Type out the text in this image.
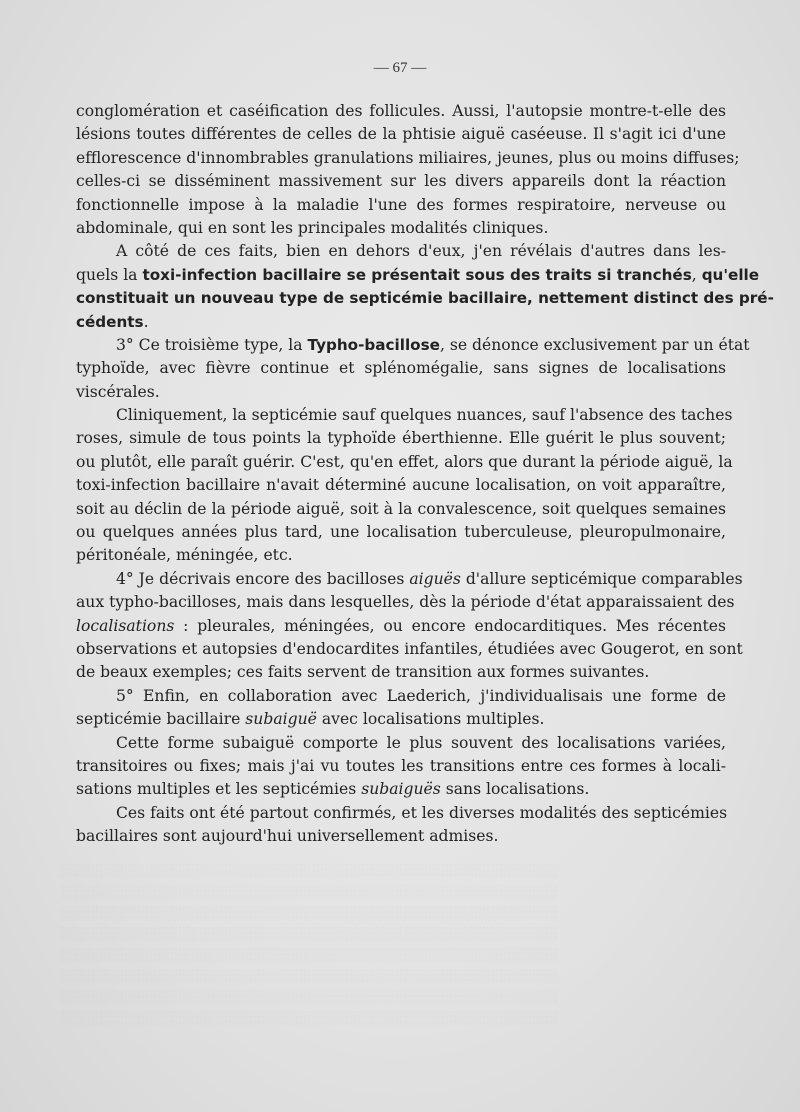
— 67 —
conglomération et caséification des follicules. Aussi, l'autopsie montre-t-elle des
lésions toutes différentes de celles de la phtisie aiguë caséeuse. Il s'agit ici d'une
efflorescence d'innombrables granulations miliaires, jeunes, plus ou moins diffuses;
celles-ci se disséminent massivement sur les divers appareils dont la réaction
fonctionnelle impose à la maladie l'une des formes respiratoire, nerveuse ou
abdominale, qui en sont les principales modalités cliniques.
A côté de ces faits, bien en dehors d'eux, j'en révélais d'autres dans les-
quels la toxi-infection bacillaire se présentait sous des traits si tranchés, qu'elle
constituait un nouveau type de septicémie bacillaire, nettement distinct des pré-
cédents.
3° Ce troisième type, la Typho-bacillose, se dénonce exclusivement par un état
typhoïde, avec fièvre continue et splénomégalie, sans signes de localisations
viscérales.
Cliniquement, la septicémie sauf quelques nuances, sauf l'absence des taches
roses, simule de tous points la typhoïde éberthienne. Elle guérit le plus souvent;
ou plutôt, elle paraît guérir. C'est, qu'en effet, alors que durant la période aiguë, la
toxi-infection bacillaire n'avait déterminé aucune localisation, on voit apparaître,
soit au déclin de la période aiguë, soit à la convalescence, soit quelques semaines
ou quelques années plus tard, une localisation tuberculeuse, pleuropulmonaire,
péritonéale, méningée, etc.
4° Je décrivais encore des bacilloses aiguës d'allure septicémique comparables
aux typho-bacilloses, mais dans lesquelles, dès la période d'état apparaissaient des
localisations : pleurales, méningées, ou encore endocarditiques. Mes récentes
observations et autopsies d'endocardites infantiles, étudiées avec Gougerot, en sont
de beaux exemples; ces faits servent de transition aux formes suivantes.
5° Enfin, en collaboration avec Laederich, j'individualisais une forme de
septicémie bacillaire subaiguë avec localisations multiples.
Cette forme subaiguë comporte le plus souvent des localisations variées,
transitoires ou fixes; mais j'ai vu toutes les transitions entre ces formes à locali-
sations multiples et les septicémies subaiguës sans localisations.
Ces faits ont été partout confirmés, et les diverses modalités des septicémies
bacillaires sont aujourd'hui universellement admises.
░░░░░░░░░░░░░░░░░░░░░░░░░░░░░░░░░░░░░░░░░░░░░░░░░░░░░░
░░░░░░░░░░░░░░░░░░░░░░░░░░░░░░░░░░░░░░░░░░░░░░░░░░░░░░
░░░░░░░░░░░░░░░░░░░░░░░░░░░░░░░░░░░░░░░░░░░░░░░░░░░░░░
░░░░░░░░░░░░░░░░░░░░░░░░░░░░░░░░░░░░░░░░░░░░░░░░░░░░░░
░░░░░░░░░░░░░░░░░░░░░░░░░░░░░░░░░░░░░░░░░░░░░░░░░░░░░░
░░░░░░░░░░░░░░░░░░░░░░░░░░░░░░░░░░░░░░░░░░░░░░░░░░░░░░
░░░░░░░░░░░░░░░░░░░░░░░░░░░░░░░░░░░░░░░░░░░░░░░░░░░░░░
░░░░░░░░░░░░░░░░░░░░░░░░░░░░░░░░░░░░░░░░░░░░░░░░░░░░░░
